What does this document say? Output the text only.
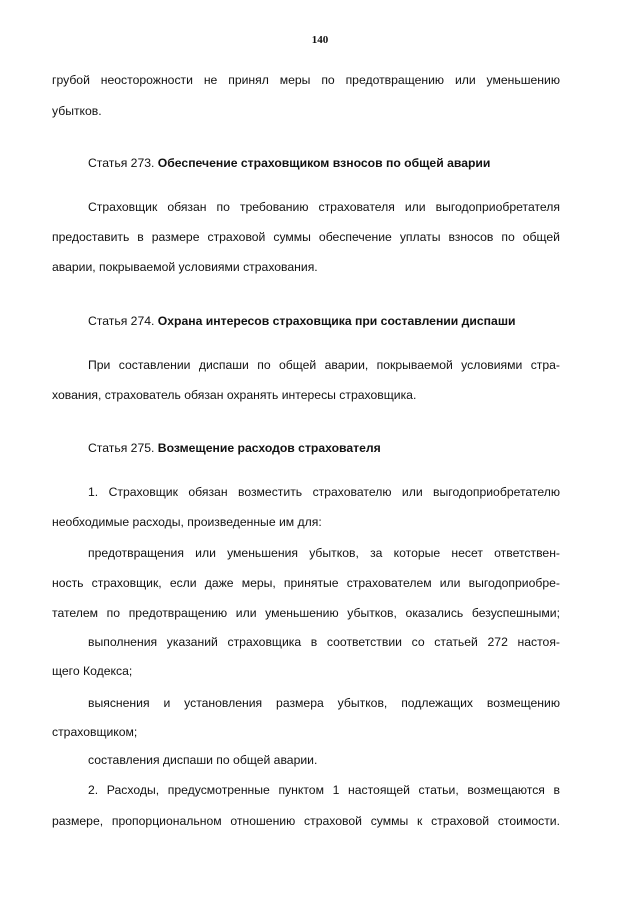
140
грубой неосторожности не принял меры по предотвращению или уменьшению
убытков.
Статья 273. Обеспечение страховщиком взносов по общей аварии
Страховщик обязан по требованию страхователя или выгодоприобретателя
предоставить в размере страховой суммы обеспечение уплаты взносов по общей
аварии, покрываемой условиями страхования.
Статья 274. Охрана интересов страховщика при составлении диспаши
При составлении диспаши по общей аварии, покрываемой условиями стра-
хования, страхователь обязан охранять интересы страховщика.
Статья 275. Возмещение расходов страхователя
1. Страховщик обязан возместить страхователю или выгодоприобретателю
необходимые расходы, произведенные им для:
предотвращения или уменьшения убытков, за которые несет ответствен-
ность страховщик, если даже меры, принятые страхователем или выгодоприобре-
тателем по предотвращению или уменьшению убытков, оказались безуспешными;
выполнения указаний страховщика в соответствии со статьей 272 настоя-
щего Кодекса;
выяснения и установления размера убытков, подлежащих возмещению
страховщиком;
составления диспаши по общей аварии.
2. Расходы, предусмотренные пунктом 1 настоящей статьи, возмещаются в
размере, пропорциональном отношению страховой суммы к страховой стоимости.
